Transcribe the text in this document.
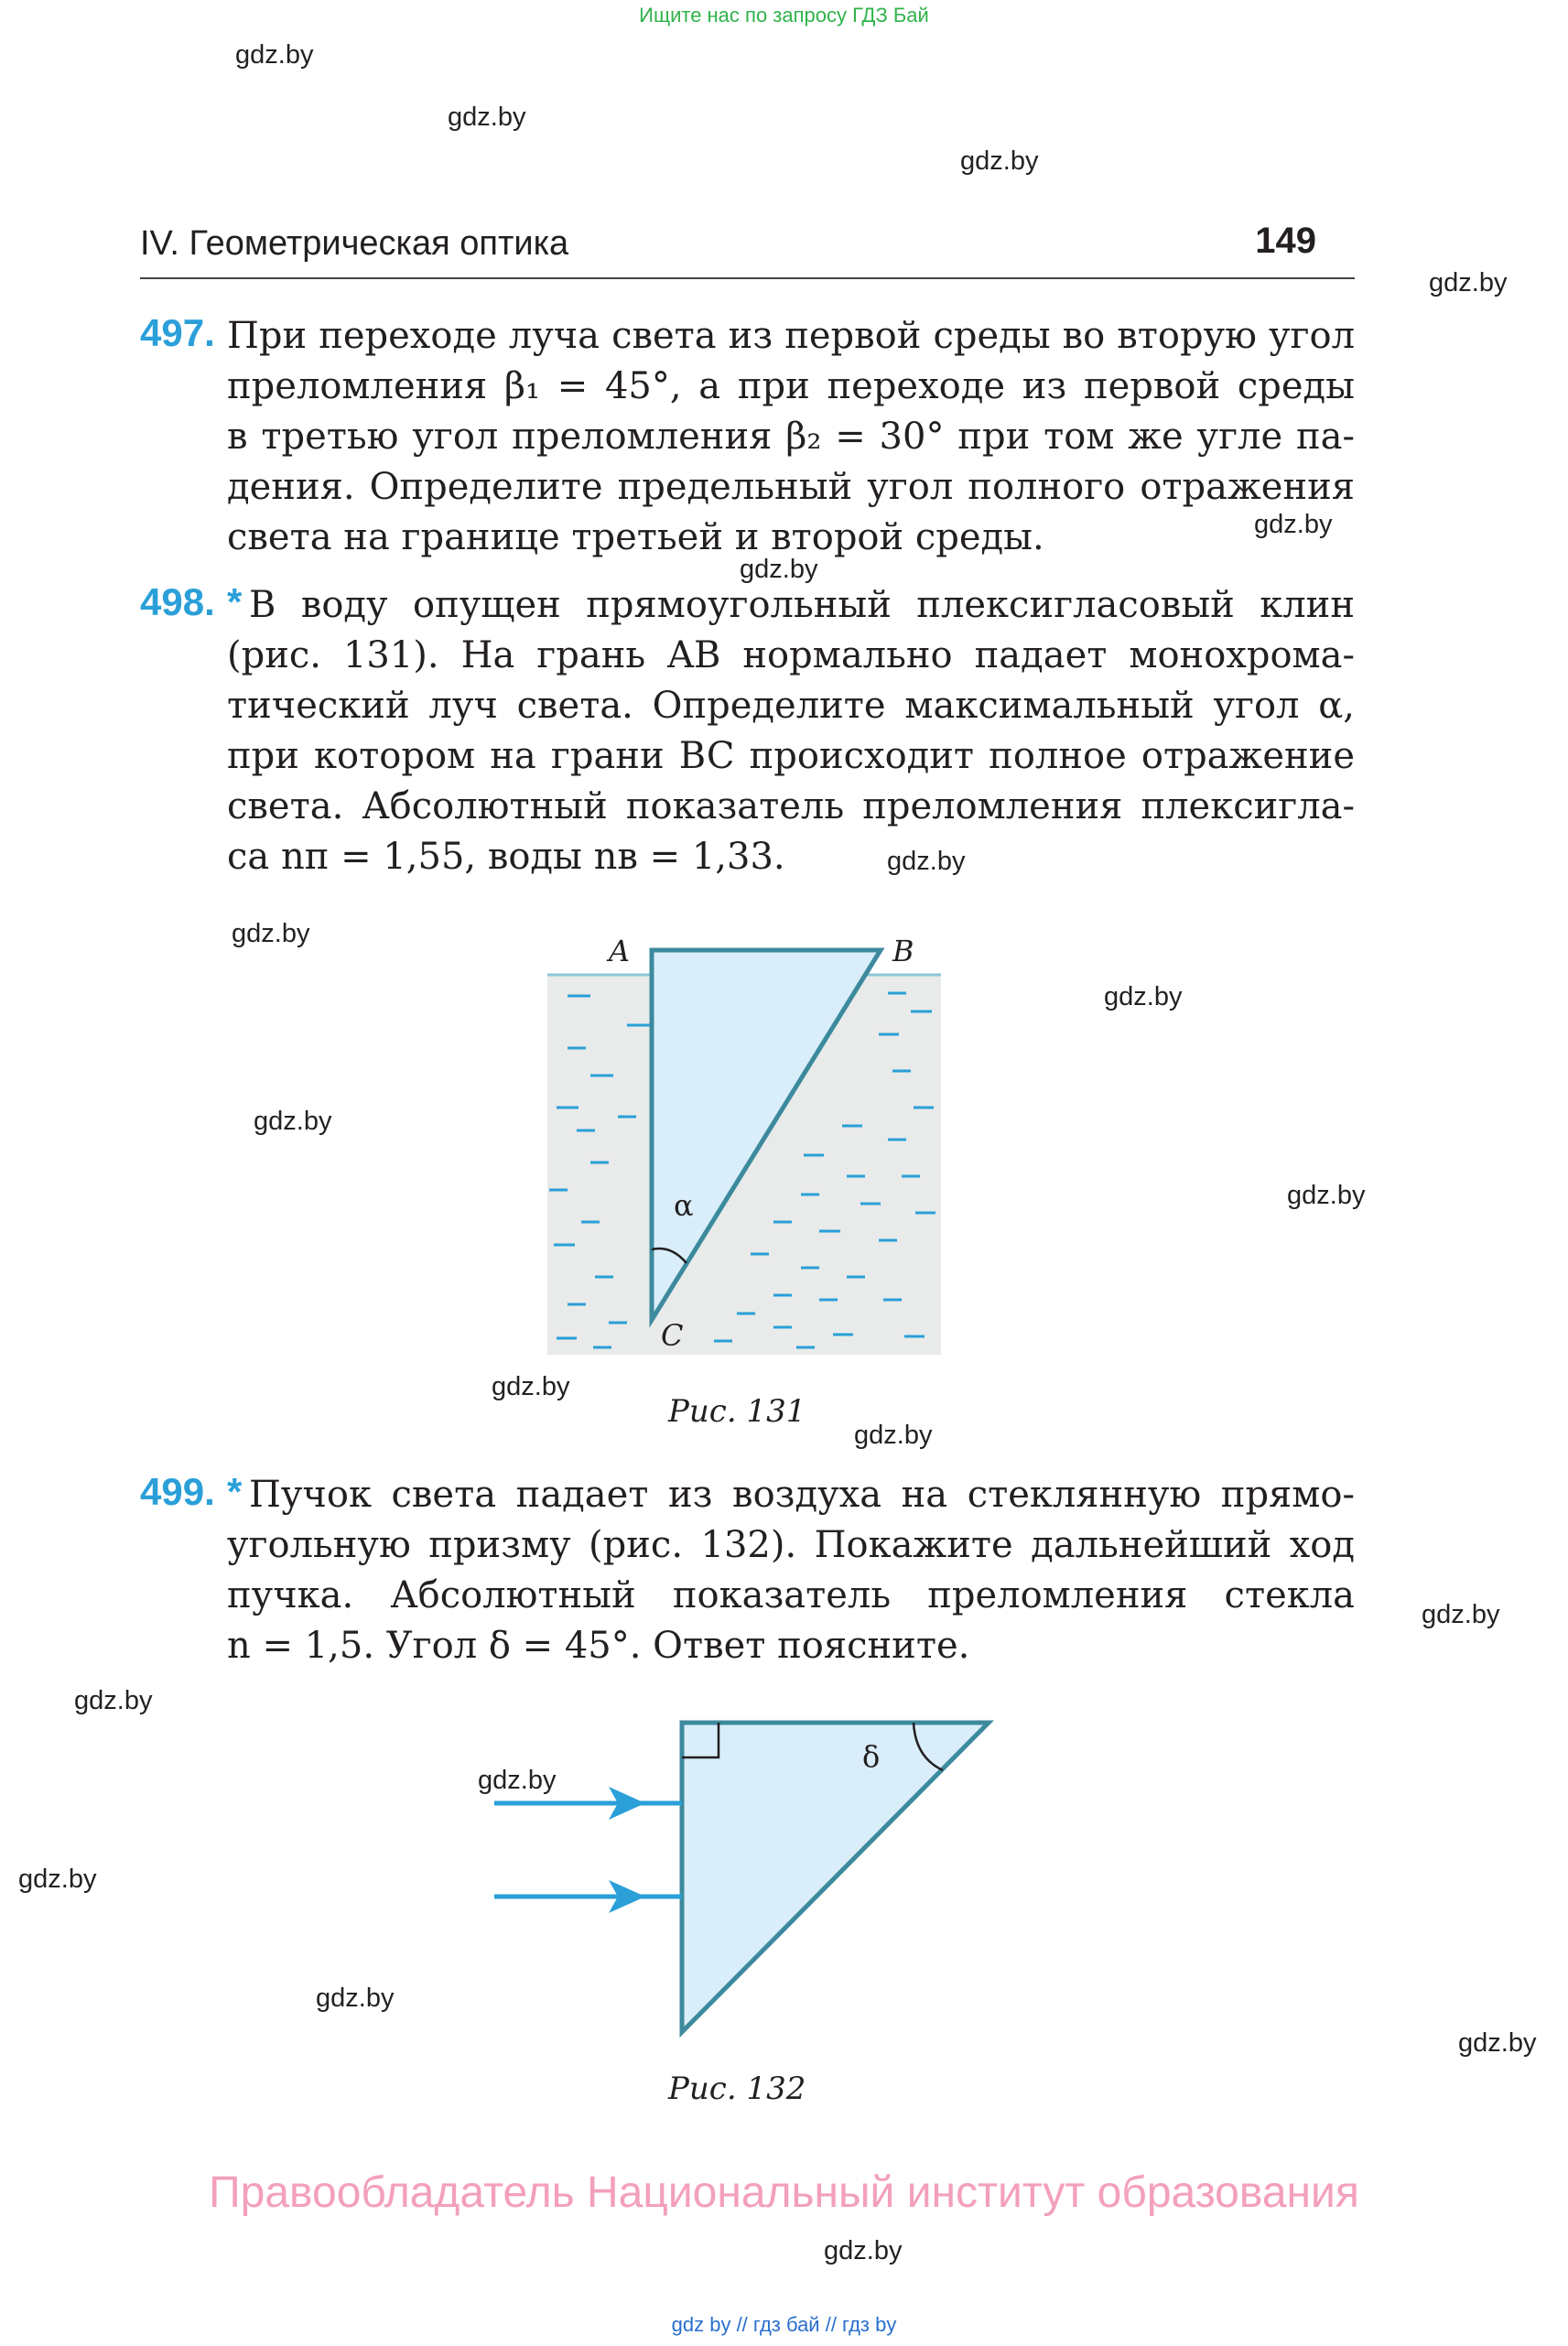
Ищите нас по запросу ГДЗ Бай
gdz.by
gdz.by
gdz.by
gdz.by
gdz.by
gdz.by
gdz.by
gdz.by
gdz.by
gdz.by
gdz.by
gdz.by
gdz.by
gdz.by
gdz.by
gdz.by
gdz.by
gdz.by
gdz.by
gdz.by
IV. Геометрическая оптика	149
497. При переходе луча света из первой среды во вторую угол
преломления β₁ = 45°, а при переходе из первой среды
в третью угол преломления β₂ = 30° при том же угле па-
дения. Определите предельный угол полного отражения
света на границе третьей и второй среды.
498. * В воду опущен прямоугольный плексигласовый клин
(рис. 131). На грань AB нормально падает монохрома-
тический луч света. Определите максимальный угол α,
при котором на грани BC происходит полное отражение
света. Абсолютный показатель преломления плексигла-
са nп = 1,55, воды nв = 1,33.
A	B
C
α
Рис. 131
499. * Пучок света падает из воздуха на стеклянную прямо-
угольную призму (рис. 132). Покажите дальнейший ход
пучка. Абсолютный показатель преломления стекла
n = 1,5. Угол δ = 45°. Ответ поясните.
δ
Рис. 132
Правообладатель Национальный институт образования
gdz by // гдз бай // гдз by
